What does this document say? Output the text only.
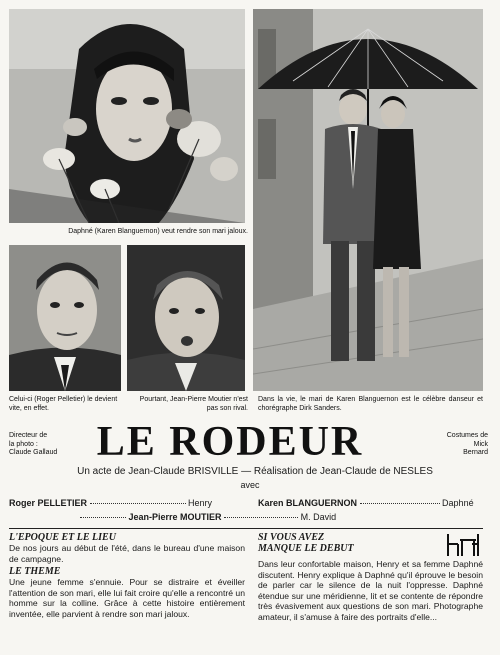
Daphné (Karen Blanguernon) veut rendre son mari jaloux.
Celui-ci (Roger Pelletier) le devient vite, en effet.
Pourtant, Jean-Pierre Moutier n'est pas son rival.
Dans la vie, le mari de Karen Blanguernon est le célèbre danseur et chorégraphe Dirk Sanders.
Directeur de
la photo :
Claude Gallaud
Costumes de
Mick
Bernard
LE RODEUR
Un acte de Jean-Claude BRISVILLE — Réalisation de Jean-Claude de NESLES
avec
Roger PELLETIER	Henry	Karen BLANGUERNON	Daphné
Jean-Pierre MOUTIER	M. David
L'EPOQUE ET LE LIEU
De nos jours au début de l'été, dans le bureau d'une maison de campagne.
LE THEME
Une jeune femme s'ennuie. Pour se distraire et éveiller l'attention de son mari, elle lui fait croire qu'elle a rencontré un homme sur la colline. Grâce à cette histoire entièrement inventée, elle parvient à rendre son mari jaloux.
SI VOUS AVEZ
MANQUE LE DEBUT
Dans leur confortable maison, Henry et sa femme Daphné discutent. Henry explique à Daphné qu'il éprouve le besoin de parler car le silence de la nuit l'oppresse. Daphné étendue sur une méridienne, lit et se contente de répondre très évasivement aux questions de son mari. Photographe amateur, il s'amuse à faire des portraits d'elle...
